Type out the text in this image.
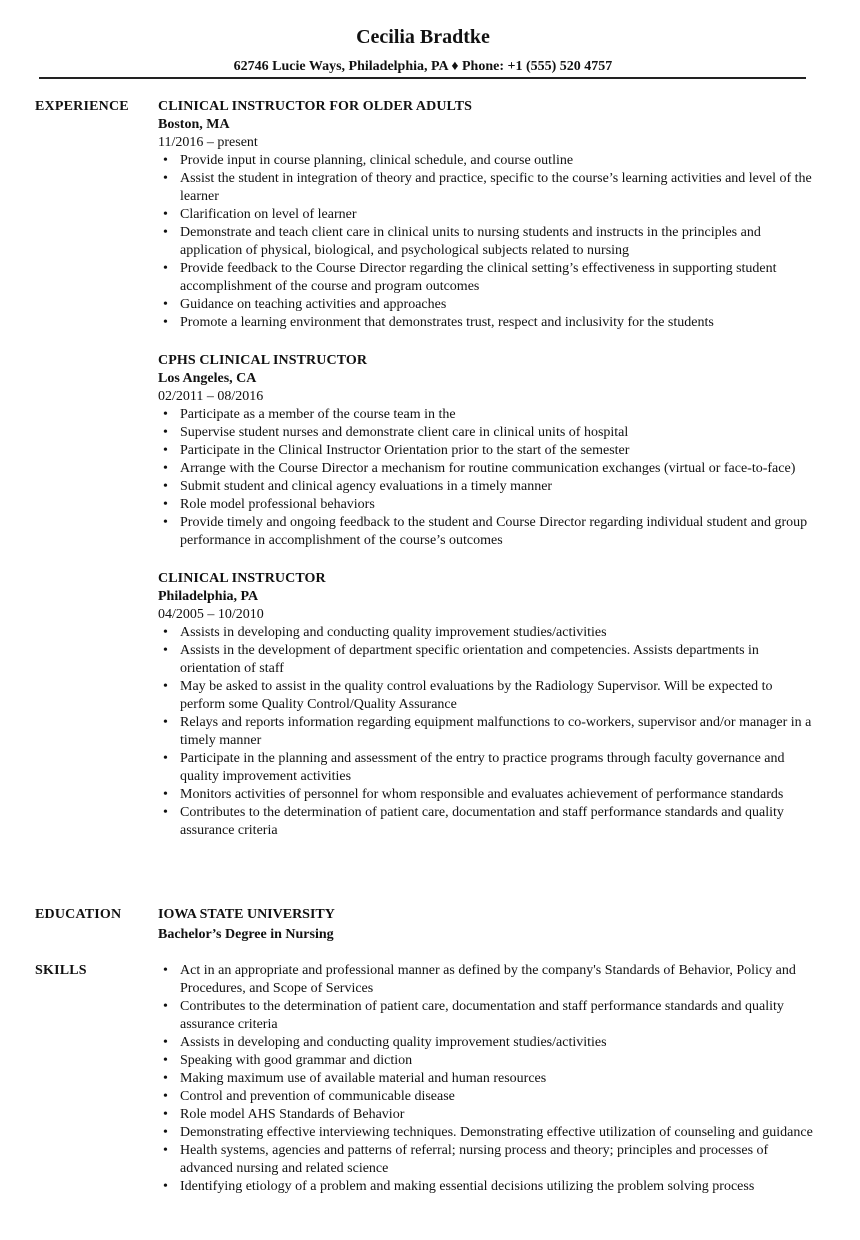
Cecilia Bradtke
62746 Lucie Ways, Philadelphia, PA ♦ Phone: +1 (555) 520 4757
EXPERIENCE CLINICAL INSTRUCTOR FOR OLDER ADULTS
Boston, MA
11/2016 – present
• Provide input in course planning, clinical schedule, and course outline
• Assist the student in integration of theory and practice, specific to the course’s learning activities and level of the learner
• Clarification on level of learner
• Demonstrate and teach client care in clinical units to nursing students and instructs in the principles and application of physical, biological, and psychological subjects related to nursing
• Provide feedback to the Course Director regarding the clinical setting’s effectiveness in supporting student accomplishment of the course and program outcomes
• Guidance on teaching activities and approaches
• Promote a learning environment that demonstrates trust, respect and inclusivity for the students
CPHS CLINICAL INSTRUCTOR
Los Angeles, CA
02/2011 – 08/2016
• Participate as a member of the course team in the
• Supervise student nurses and demonstrate client care in clinical units of hospital
• Participate in the Clinical Instructor Orientation prior to the start of the semester
• Arrange with the Course Director a mechanism for routine communication exchanges (virtual or face-to-face)
• Submit student and clinical agency evaluations in a timely manner
• Role model professional behaviors
• Provide timely and ongoing feedback to the student and Course Director regarding individual student and group performance in accomplishment of the course’s outcomes
CLINICAL INSTRUCTOR
Philadelphia, PA
04/2005 – 10/2010
• Assists in developing and conducting quality improvement studies/activities
• Assists in the development of department specific orientation and competencies. Assists departments in orientation of staff
• May be asked to assist in the quality control evaluations by the Radiology Supervisor. Will be expected to perform some Quality Control/Quality Assurance
• Relays and reports information regarding equipment malfunctions to co-workers, supervisor and/or manager in a timely manner
• Participate in the planning and assessment of the entry to practice programs through faculty governance and quality improvement activities
• Monitors activities of personnel for whom responsible and evaluates achievement of performance standards
• Contributes to the determination of patient care, documentation and staff performance standards and quality assurance criteria
EDUCATION	IOWA STATE UNIVERSITY
Bachelor’s Degree in Nursing
SKILLS
•	Act in an appropriate and professional manner as defined by the company's Standards of Behavior, Policy and Procedures, and Scope of Services
• Contributes to the determination of patient care, documentation and staff performance standards and quality assurance criteria
• Assists in developing and conducting quality improvement studies/activities
• Speaking with good grammar and diction
• Making maximum use of available material and human resources
• Control and prevention of communicable disease
• Role model AHS Standards of Behavior
• Demonstrating effective interviewing techniques. Demonstrating effective utilization of counseling and guidance
• Health systems, agencies and patterns of referral; nursing process and theory; principles and processes of advanced nursing and related science
• Identifying etiology of a problem and making essential decisions utilizing the problem solving process
